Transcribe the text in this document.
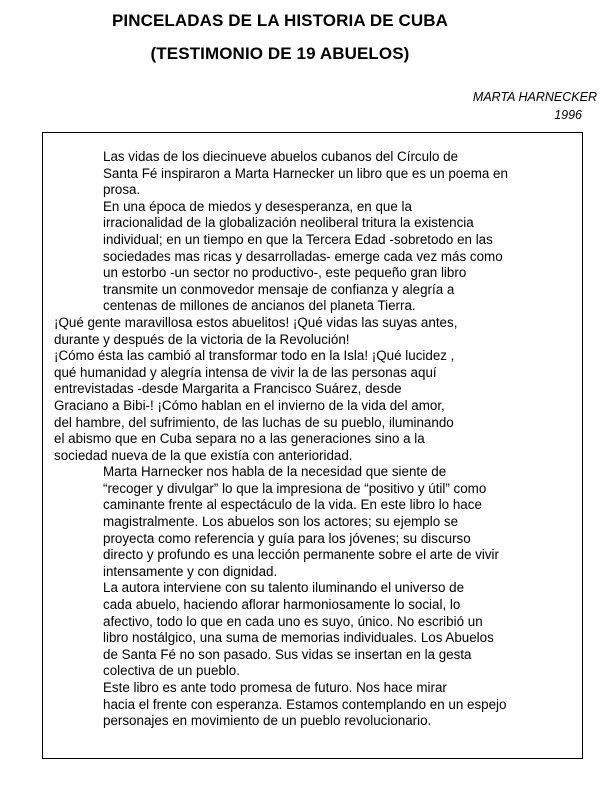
PINCELADAS DE LA HISTORIA DE CUBA
(TESTIMONIO DE 19 ABUELOS)
MARTA HARNECKER
1996

Las vidas de los diecinueve abuelos cubanos del Círculo de
Santa Fé inspiraron a Marta Harnecker un libro que es un poema en
prosa.

En una época de miedos y desesperanza, en que la
irracionalidad de la globalización neoliberal tritura la existencia
individual; en un tiempo en que la Tercera Edad -sobretodo en las
sociedades mas ricas y desarrolladas- emerge cada vez más como
un estorbo -un sector no productivo-, este pequeño gran libro
transmite un conmovedor mensaje de confianza y alegría a
centenas de millones de ancianos del planeta Tierra.

¡Qué gente maravillosa estos abuelitos! ¡Qué vidas las suyas antes,
durante y después de la victoria de la Revolución!

¡Cómo ésta las cambió al transformar todo en la Isla! ¡Qué lucidez ,
qué humanidad y alegría intensa de vivir la de las personas aquí
entrevistadas -desde Margarita a Francisco Suárez, desde
Graciano a Bibi-! ¡Cómo hablan en el invierno de la vida del amor,
del hambre, del sufrimiento, de las luchas de su pueblo, iluminando
el abismo que en Cuba separa no a las generaciones sino a la
sociedad nueva de la que existía con anterioridad.

Marta Harnecker nos habla de la necesidad que siente de
“recoger y divulgar” lo que la impresiona de “positivo y útil” como
caminante frente al espectáculo de la vida. En este libro lo hace
magistralmente. Los abuelos son los actores; su ejemplo se
proyecta como referencia y guía para los jóvenes; su discurso
directo y profundo es una lección permanente sobre el arte de vivir
intensamente y con dignidad.

La autora interviene con su talento iluminando el universo de
cada abuelo, haciendo aflorar harmoniosamente lo social, lo
afectivo, todo lo que en cada uno es suyo, único. No escribió un
libro nostálgico, una suma de memorias individuales. Los Abuelos
de Santa Fé no son pasado. Sus vidas se insertan en la gesta
colectiva de un pueblo.

Este libro es ante todo promesa de futuro. Nos hace mirar
hacia el frente con esperanza. Estamos contemplando en un espejo
personajes en movimiento de un pueblo revolucionario.
